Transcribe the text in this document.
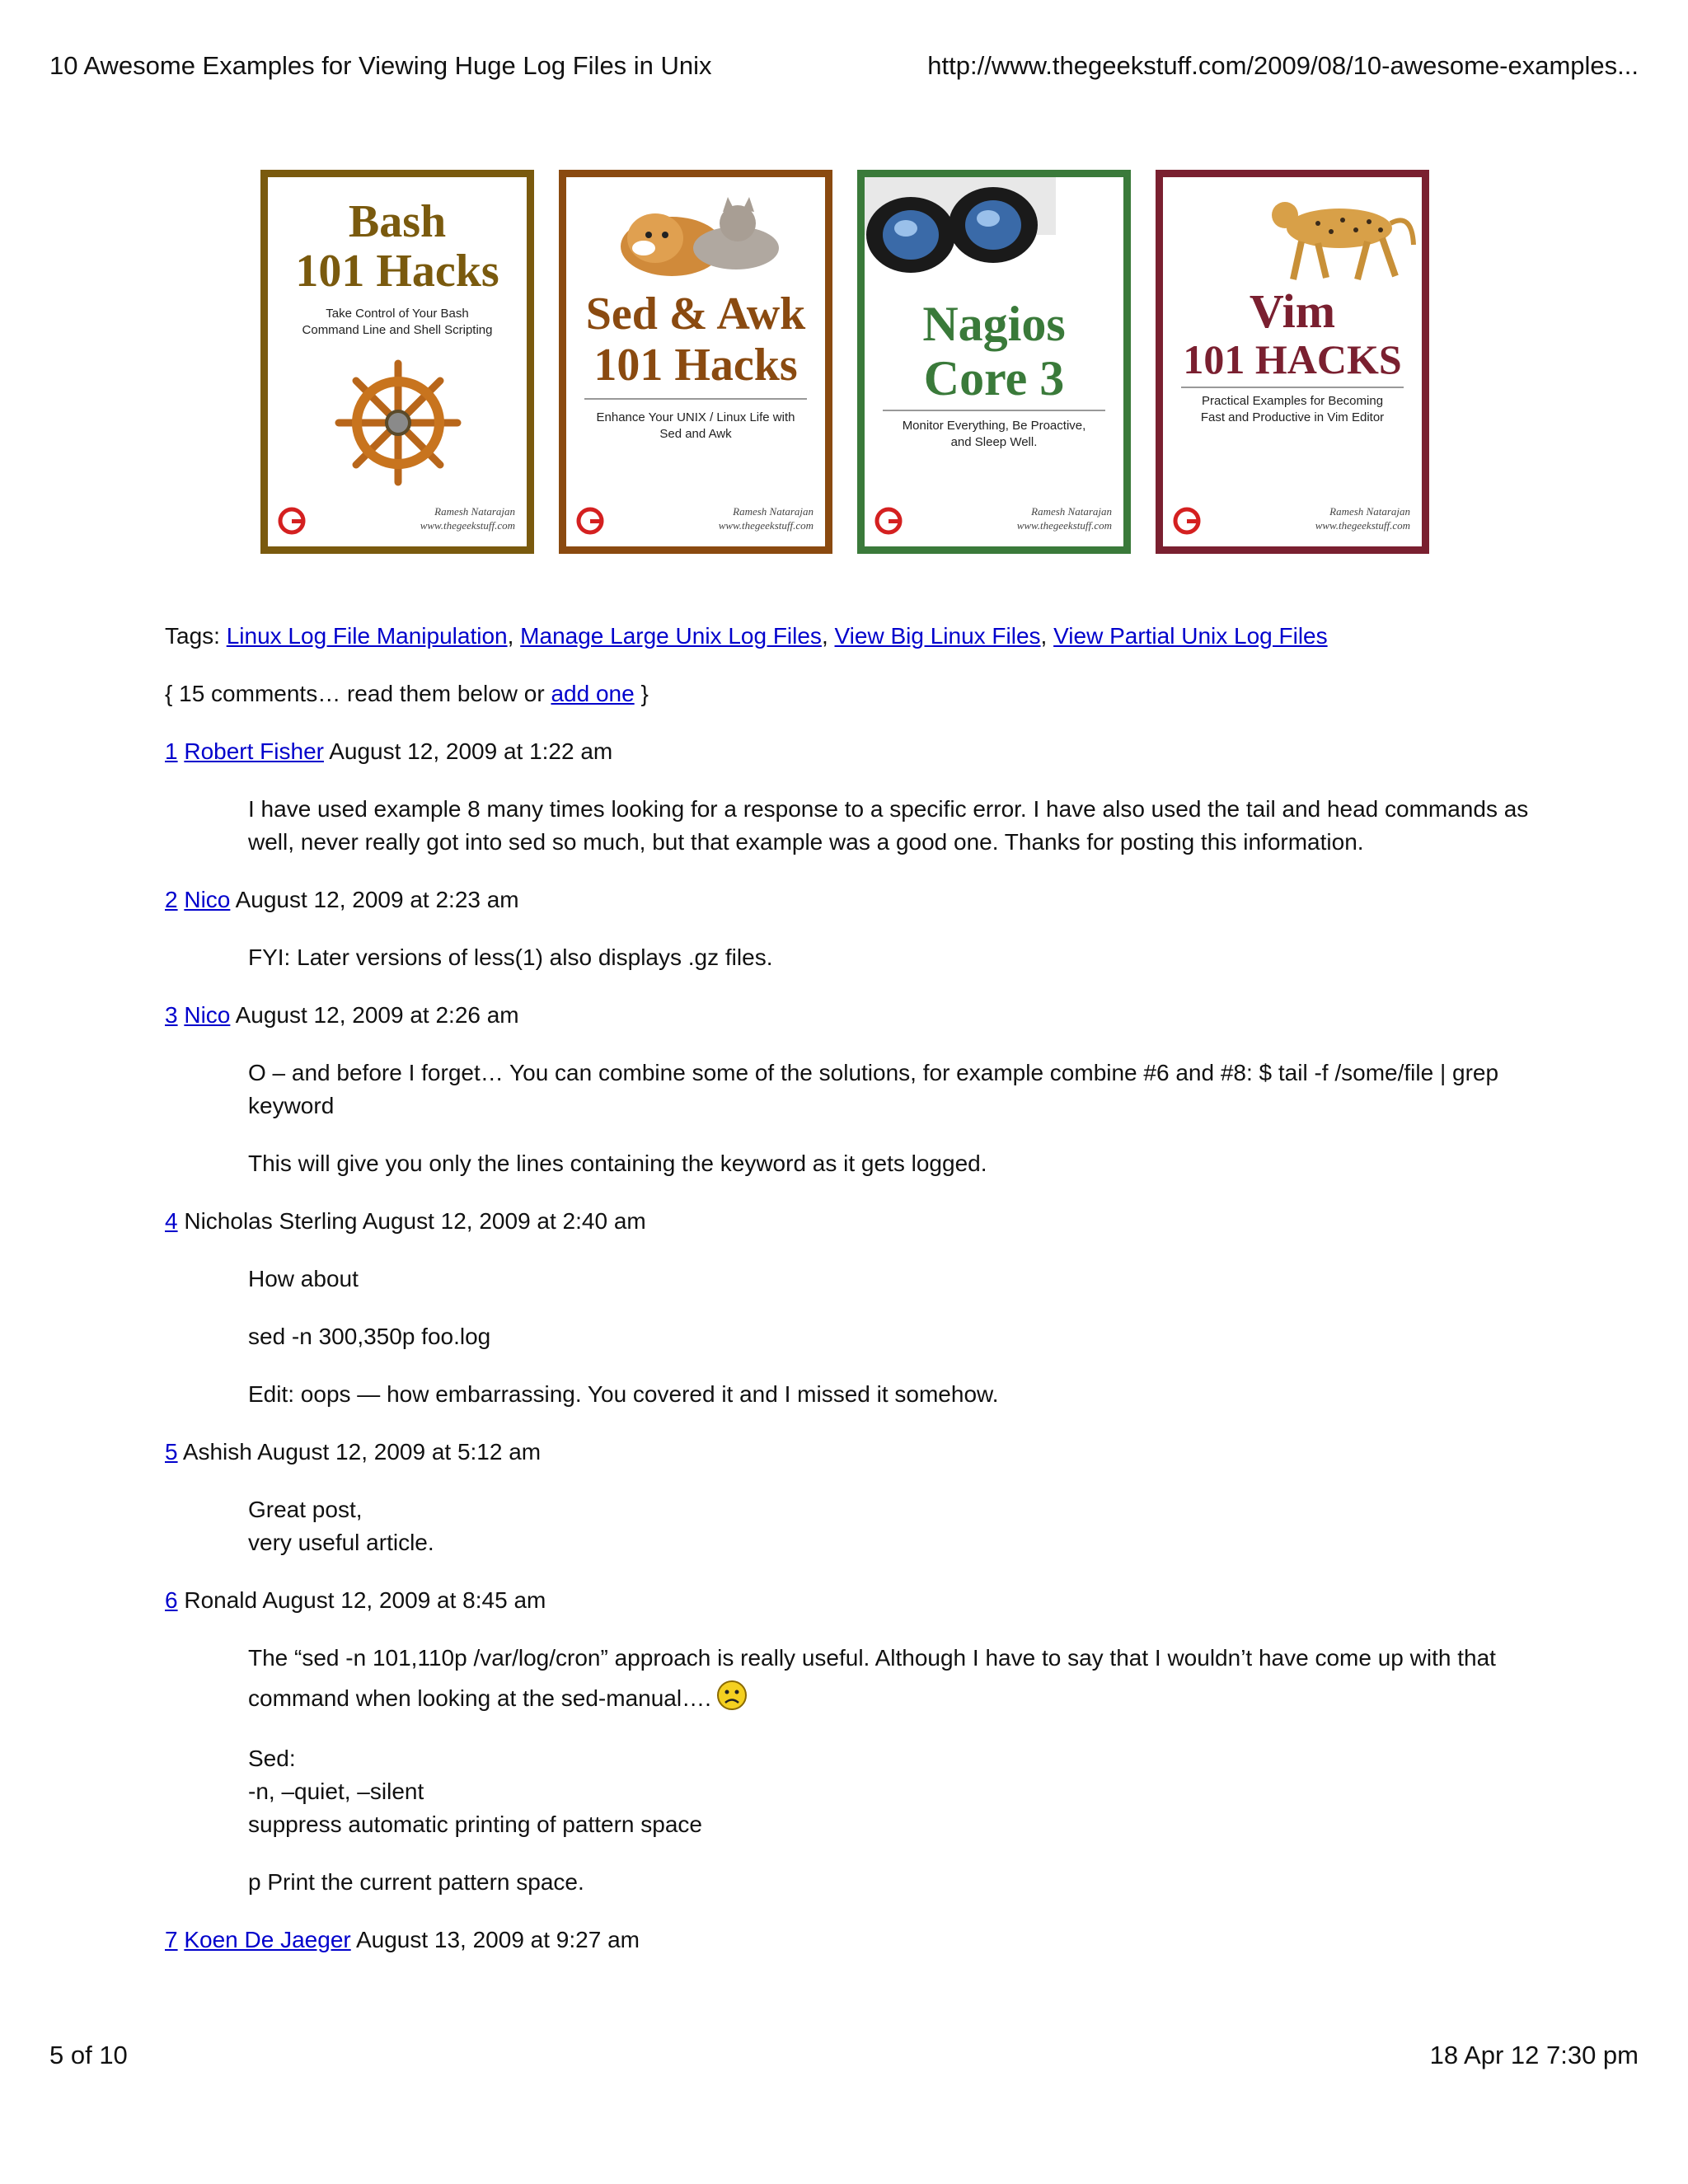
10 Awesome Examples for Viewing Huge Log Files in Unix	http://www.thegeekstuff.com/2009/08/10-awesome-examples...
Bash
101 Hacks
Take Control of Your Bash
Command Line and Shell Scripting
Ramesh Natarajan
www.thegeekstuff.com
Sed & Awk
101 Hacks
Enhance Your UNIX / Linux Life with
Sed and Awk
Ramesh Natarajan
www.thegeekstuff.com
Nagios
Core 3
Monitor Everything, Be Proactive,
and Sleep Well.
Ramesh Natarajan
www.thegeekstuff.com
Vim
101 HACKS
Practical Examples for Becoming
Fast and Productive in Vim Editor
Ramesh Natarajan
www.thegeekstuff.com
Tags: Linux Log File Manipulation, Manage Large Unix Log Files, View Big Linux Files, View Partial Unix Log Files
{ 15 comments… read them below or add one }
1 Robert Fisher August 12, 2009 at 1:22 am
I have used example 8 many times looking for a response to a specific error. I have also used the tail and head commands as
well, never really got into sed so much, but that example was a good one. Thanks for posting this information.
2 Nico August 12, 2009 at 2:23 am
FYI: Later versions of less(1) also displays .gz files.
3 Nico August 12, 2009 at 2:26 am
O – and before I forget… You can combine some of the solutions, for example combine #6 and #8: $ tail -f /some/file | grep
keyword
This will give you only the lines containing the keyword as it gets logged.
4 Nicholas Sterling August 12, 2009 at 2:40 am
How about
sed -n 300,350p foo.log
Edit: oops — how embarrassing. You covered it and I missed it somehow.
5 Ashish August 12, 2009 at 5:12 am
Great post,
very useful article.
6 Ronald August 12, 2009 at 8:45 am
The “sed -n 101,110p /var/log/cron” approach is really useful. Although I have to say that I wouldn’t have come up with that
command when looking at the sed-manual….
Sed:
-n, –quiet, –silent
suppress automatic printing of pattern space
p Print the current pattern space.
7 Koen De Jaeger August 13, 2009 at 9:27 am
5 of 10	18 Apr 12 7:30 pm
